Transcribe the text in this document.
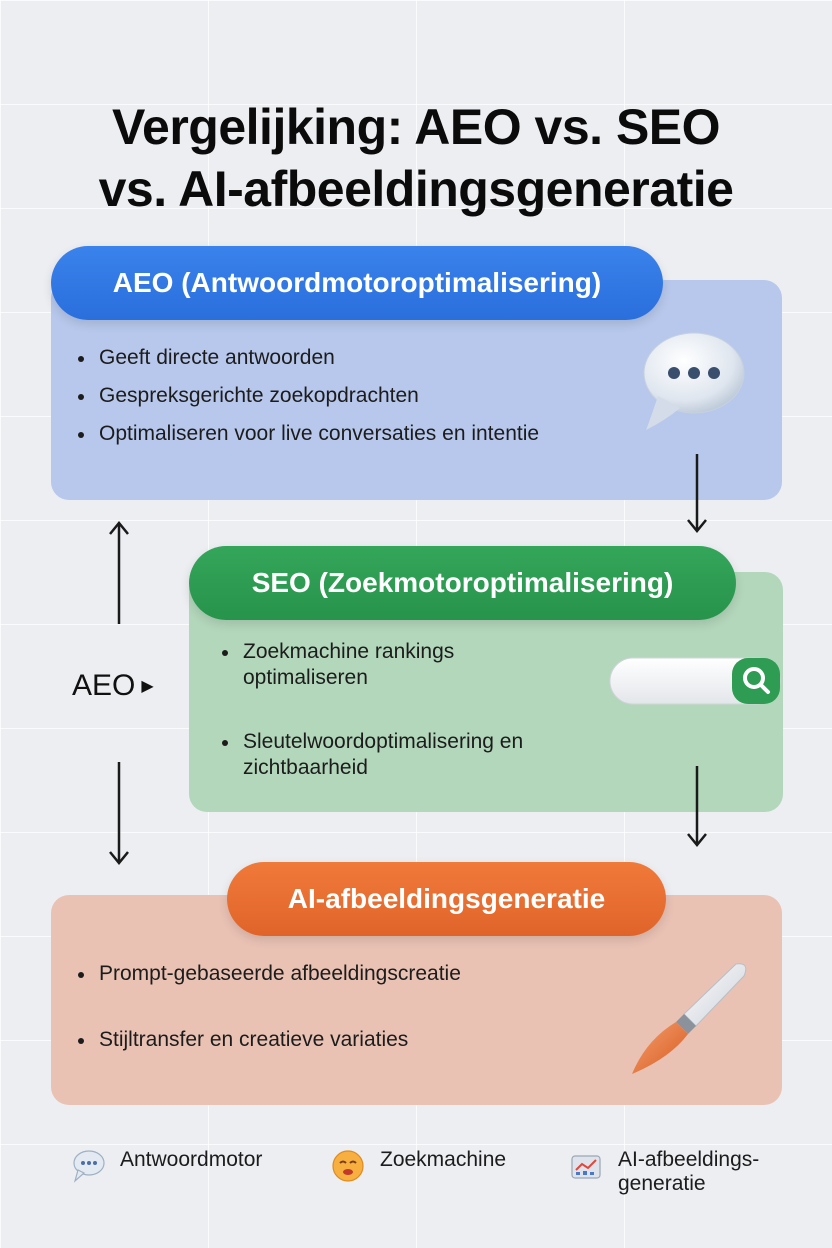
Vergelijking: AEO vs. SEO
vs. AI-afbeeldingsgeneratie
AEO (Antwoordmotoroptimalisering)
Geeft directe antwoorden
Gespreksgerichte zoekopdrachten
Optimaliseren voor live conversaties en intentie
SEO (Zoekmotoroptimalisering)
Zoekmachine rankings optimaliseren
Sleutelwoordoptimalisering en zichtbaarheid
AI-afbeeldingsgeneratie
Prompt-gebaseerde afbeeldingscreatie
Stijltransfer en creatieve variaties
AEO ▶
Antwoordmotor	Zoekmachine	AI-afbeeldings-
generatie
